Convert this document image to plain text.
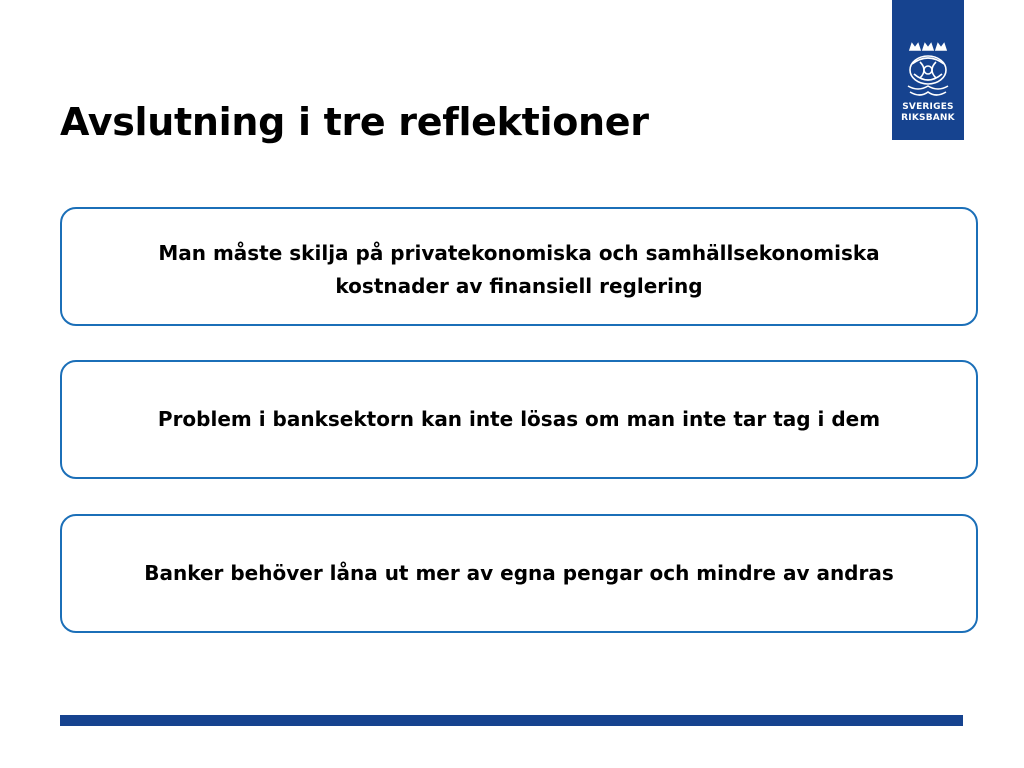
SVERIGES
RIKSBANK
Avslutning i tre reflektioner
Man måste skilja på privatekonomiska och samhällsekonomiska kostnader av finansiell reglering
Problem i banksektorn kan inte lösas om man inte tar tag i dem
Banker behöver låna ut mer av egna pengar och mindre av andras
